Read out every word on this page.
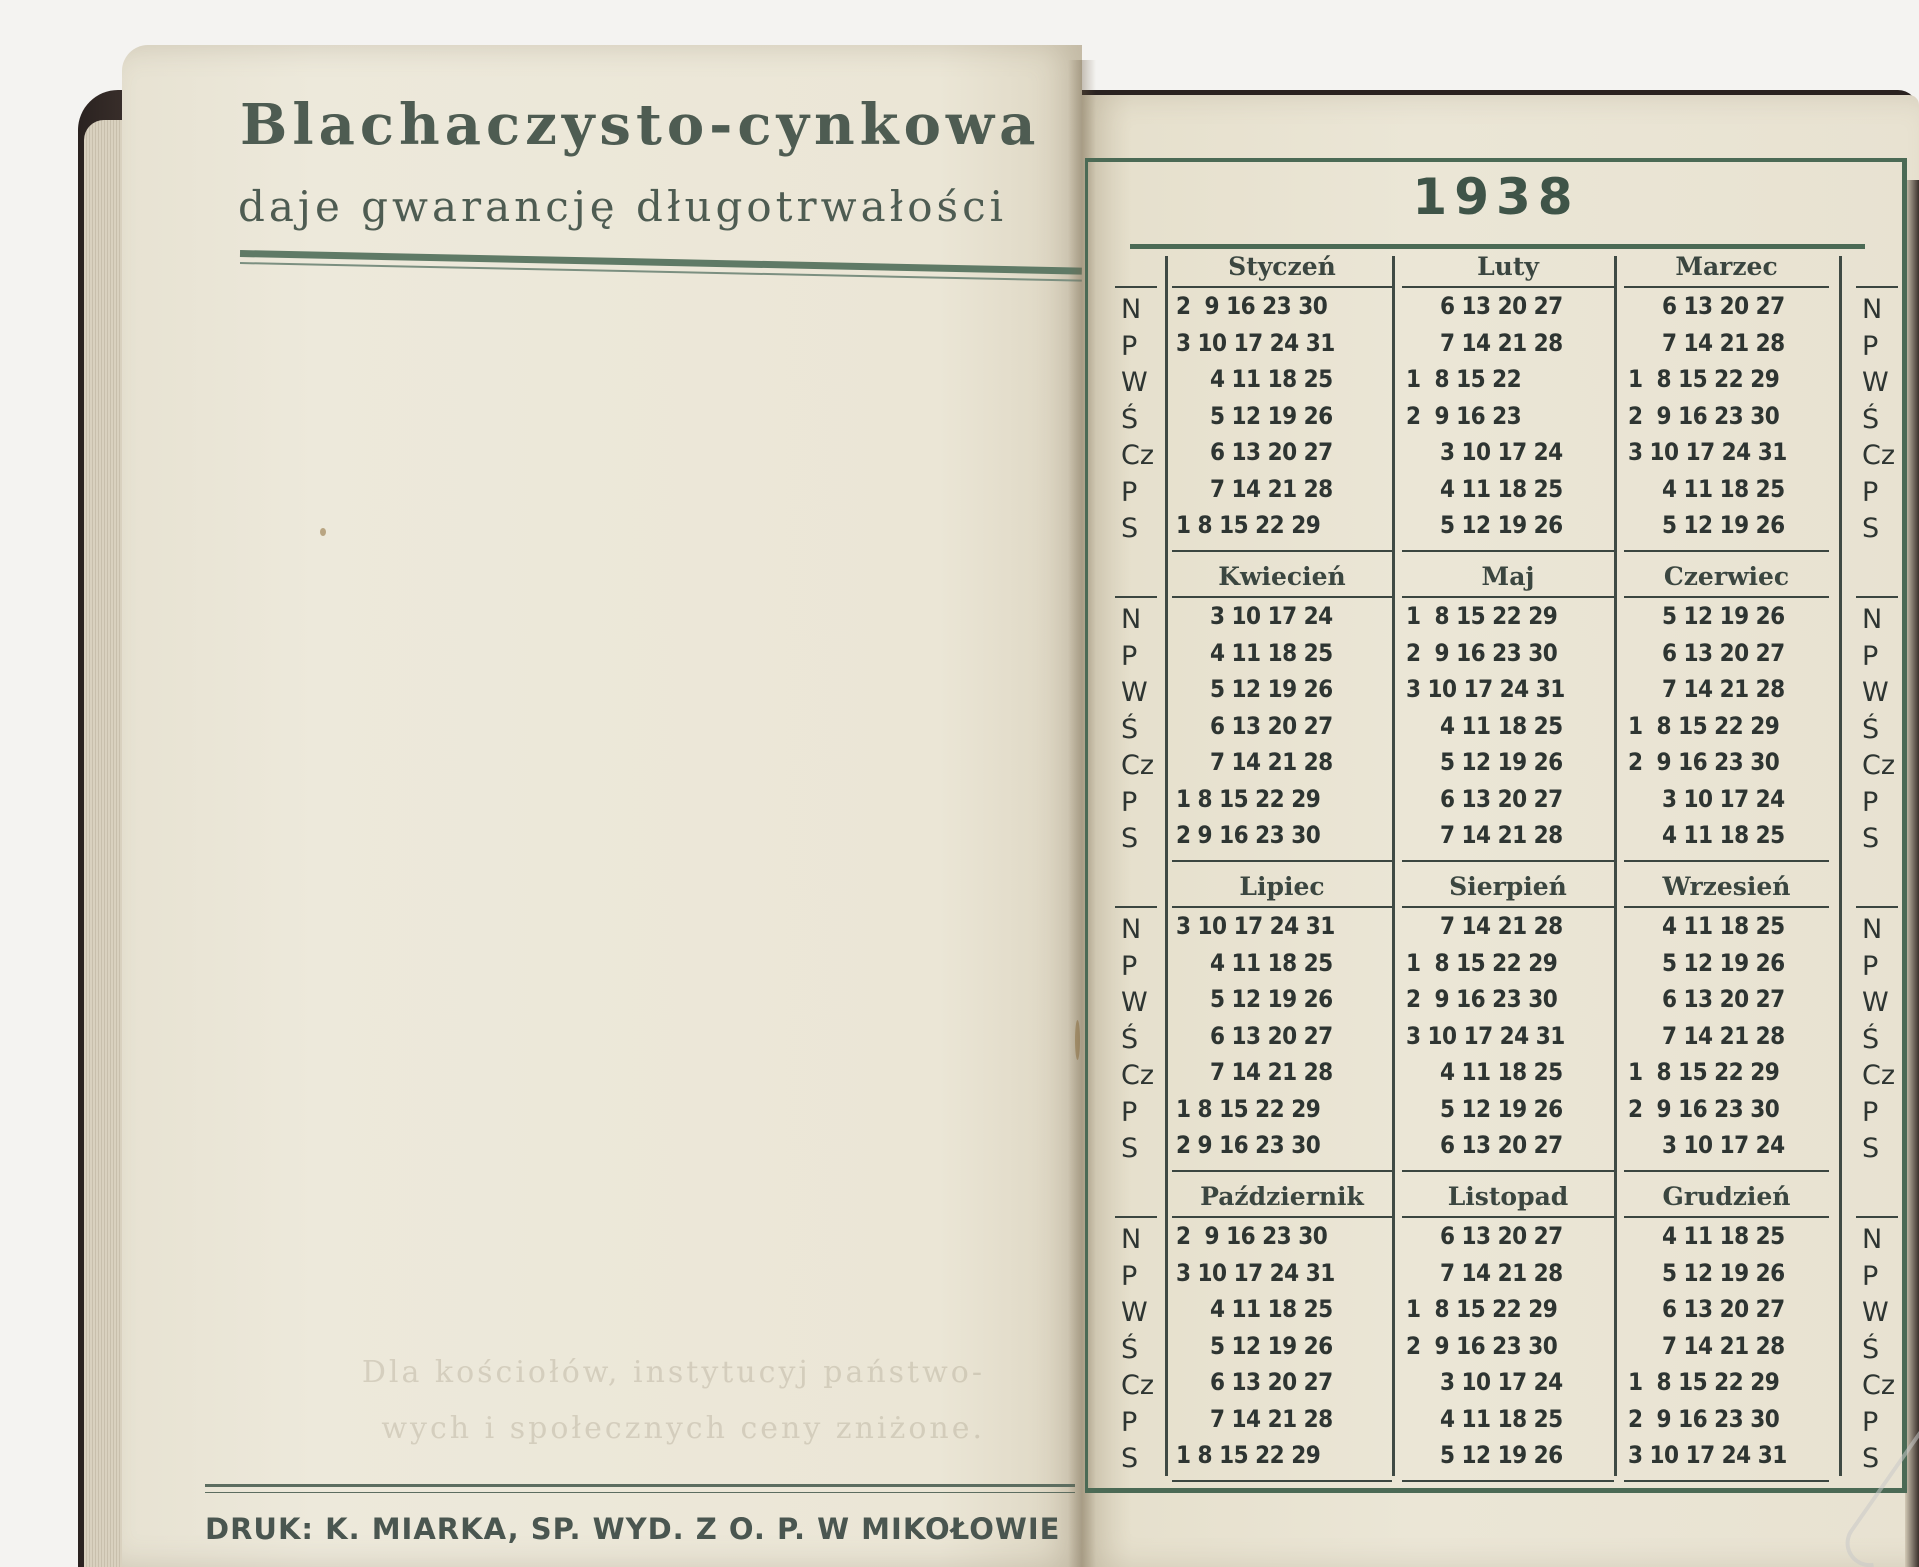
Blachaczysto-cynkowa
daje gwarancję długotrwałości
Dla kościołów, instytucyj państwo-
wych i społecznych ceny zniżone.
DRUK: K. MIARKA, SP. WYD. Z O. P. W MIKOŁOWIE
1938
Styczeń
2  9 16 23 30
3 10 17 24 31
4 11 18 25
5 12 19 26
6 13 20 27
7 14 21 28
1 8 15 22 29
Luty
6 13 20 27
7 14 21 28
1  8 15 22
2  9 16 23
3 10 17 24
4 11 18 25
5 12 19 26
Marzec
6 13 20 27
7 14 21 28
1  8 15 22 29
2  9 16 23 30
3 10 17 24 31
4 11 18 25
5 12 19 26
Kwiecień
3 10 17 24
4 11 18 25
5 12 19 26
6 13 20 27
7 14 21 28
1 8 15 22 29
2 9 16 23 30
Maj
1  8 15 22 29
2  9 16 23 30
3 10 17 24 31
4 11 18 25
5 12 19 26
6 13 20 27
7 14 21 28
Czerwiec
5 12 19 26
6 13 20 27
7 14 21 28
1  8 15 22 29
2  9 16 23 30
3 10 17 24
4 11 18 25
Lipiec
3 10 17 24 31
4 11 18 25
5 12 19 26
6 13 20 27
7 14 21 28
1 8 15 22 29
2 9 16 23 30
Sierpień
7 14 21 28
1  8 15 22 29
2  9 16 23 30
3 10 17 24 31
4 11 18 25
5 12 19 26
6 13 20 27
Wrzesień
4 11 18 25
5 12 19 26
6 13 20 27
7 14 21 28
1  8 15 22 29
2  9 16 23 30
3 10 17 24
Październik
2  9 16 23 30
3 10 17 24 31
4 11 18 25
5 12 19 26
6 13 20 27
7 14 21 28
1 8 15 22 29
Listopad
6 13 20 27
7 14 21 28
1  8 15 22 29
2  9 16 23 30
3 10 17 24
4 11 18 25
5 12 19 26
Grudzień
4 11 18 25
5 12 19 26
6 13 20 27
7 14 21 28
1  8 15 22 29
2  9 16 23 30
3 10 17 24 31
N
P
W
Ś
Cz
P
S
N
P
W
Ś
Cz
P
S
N
P
W
Ś
Cz
P
S
N
P
W
Ś
Cz
P
S
N
P
W
Ś
Cz
P
S
N
P
W
Ś
Cz
P
S
N
P
W
Ś
Cz
P
S
N
P
W
Ś
Cz
P
S
